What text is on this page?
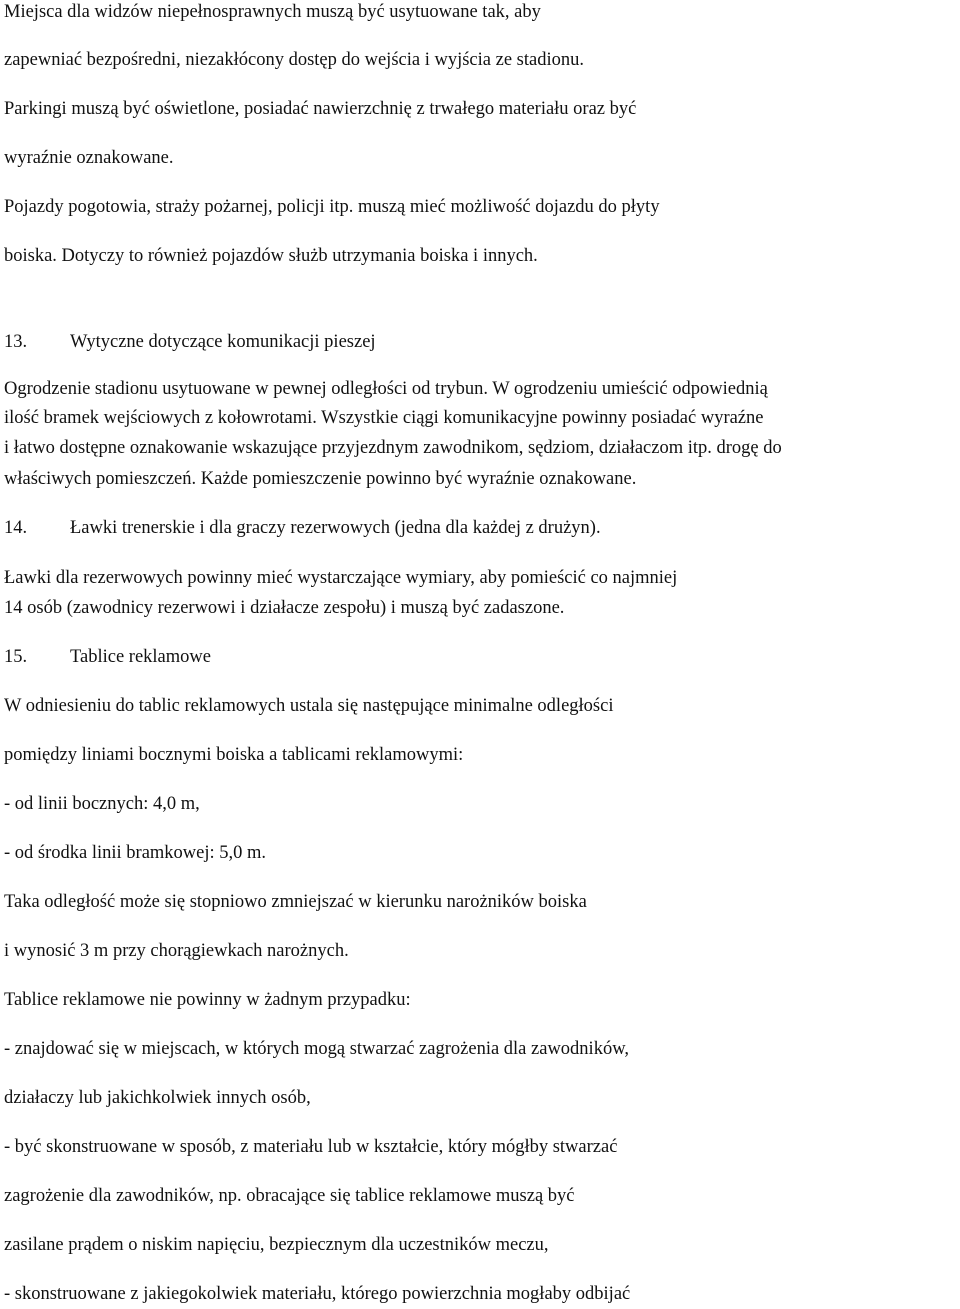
Miejsca dla widzów niepełnosprawnych muszą być usytuowane tak, aby

zapewniać bezpośredni, niezakłócony dostęp do wejścia i wyjścia ze stadionu.

Parkingi muszą być oświetlone, posiadać nawierzchnię z trwałego materiału oraz być

wyraźnie oznakowane.

Pojazdy pogotowia, straży pożarnej, policji itp. muszą mieć możliwość dojazdu do płyty

boiska. Dotyczy to również pojazdów służb utrzymania boiska i innych.

13. Wytyczne dotyczące komunikacji pieszej

Ogrodzenie stadionu usytuowane w pewnej odległości od trybun. W ogrodzeniu umieścić odpowiednią

ilość bramek wejściowych z kołowrotami. Wszystkie ciągi komunikacyjne powinny posiadać wyraźne

i łatwo dostępne oznakowanie wskazujące przyjezdnym zawodnikom, sędziom, działaczom itp. drogę do

właściwych pomieszczeń. Każde pomieszczenie powinno być wyraźnie oznakowane.

14. Ławki trenerskie i dla graczy rezerwowych (jedna dla każdej z drużyn).

Ławki dla rezerwowych powinny mieć wystarczające wymiary, aby pomieścić co najmniej

14 osób (zawodnicy rezerwowi i działacze zespołu) i muszą być zadaszone.

15. Tablice reklamowe

W odniesieniu do tablic reklamowych ustala się następujące minimalne odległości

pomiędzy liniami bocznymi boiska a tablicami reklamowymi:

- od linii bocznych: 4,0 m,

- od środka linii bramkowej: 5,0 m.

Taka odległość może się stopniowo zmniejszać w kierunku narożników boiska

i wynosić 3 m przy chorągiewkach narożnych.

Tablice reklamowe nie powinny w żadnym przypadku:

- znajdować się w miejscach, w których mogą stwarzać zagrożenia dla zawodników,

działaczy lub jakichkolwiek innych osób,

- być skonstruowane w sposób, z materiału lub w kształcie, który mógłby stwarzać

zagrożenie dla zawodników, np. obracające się tablice reklamowe muszą być

zasilane prądem o niskim napięciu, bezpiecznym dla uczestników meczu,

- skonstruowane z jakiegokolwiek materiału, którego powierzchnia mogłaby odbijać
